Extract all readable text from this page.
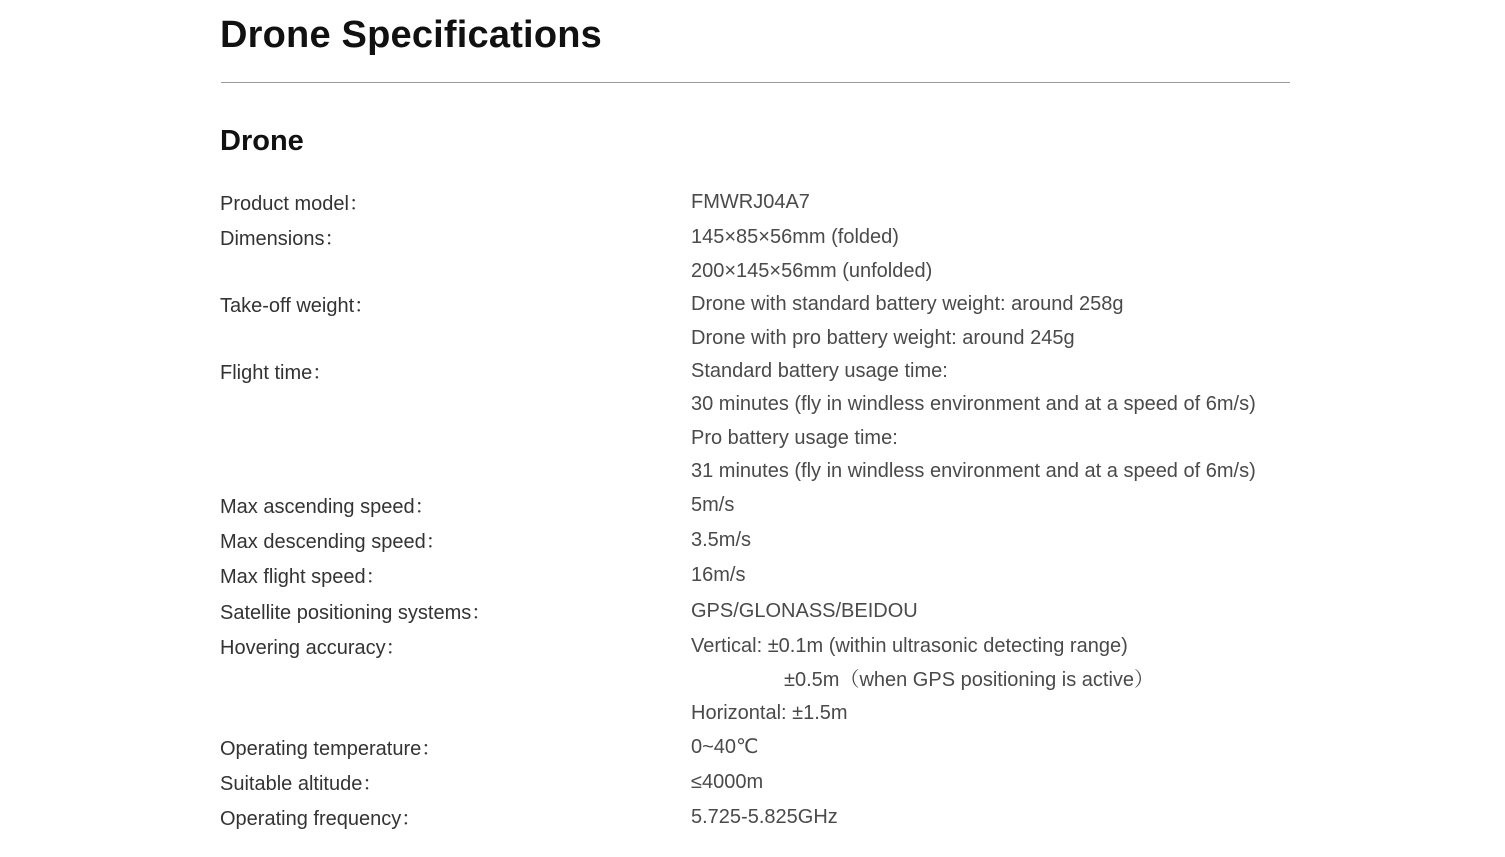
Drone Specifications
Drone
Product model：	FMWRJ04A7
Dimensions：	145×85×56mm (folded)
200×145×56mm (unfolded)
Take-off weight：	Drone with standard battery weight: around 258g
Drone with pro battery weight: around 245g
Flight time：	Standard battery usage time:
30 minutes (fly in windless environment and at a speed of 6m/s)
Pro battery usage time:
31 minutes (fly in windless environment and at a speed of 6m/s)
Max ascending speed：	5m/s
Max descending speed：	3.5m/s
Max flight speed：	16m/s
Satellite positioning systems：	GPS/GLONASS/BEIDOU
Hovering accuracy：	Vertical: ±0.1m (within ultrasonic detecting range)
±0.5m（when GPS positioning is active）
Horizontal: ±1.5m
Operating temperature：	0~40℃
Suitable altitude：	≤4000m
Operating frequency：	5.725-5.825GHz
